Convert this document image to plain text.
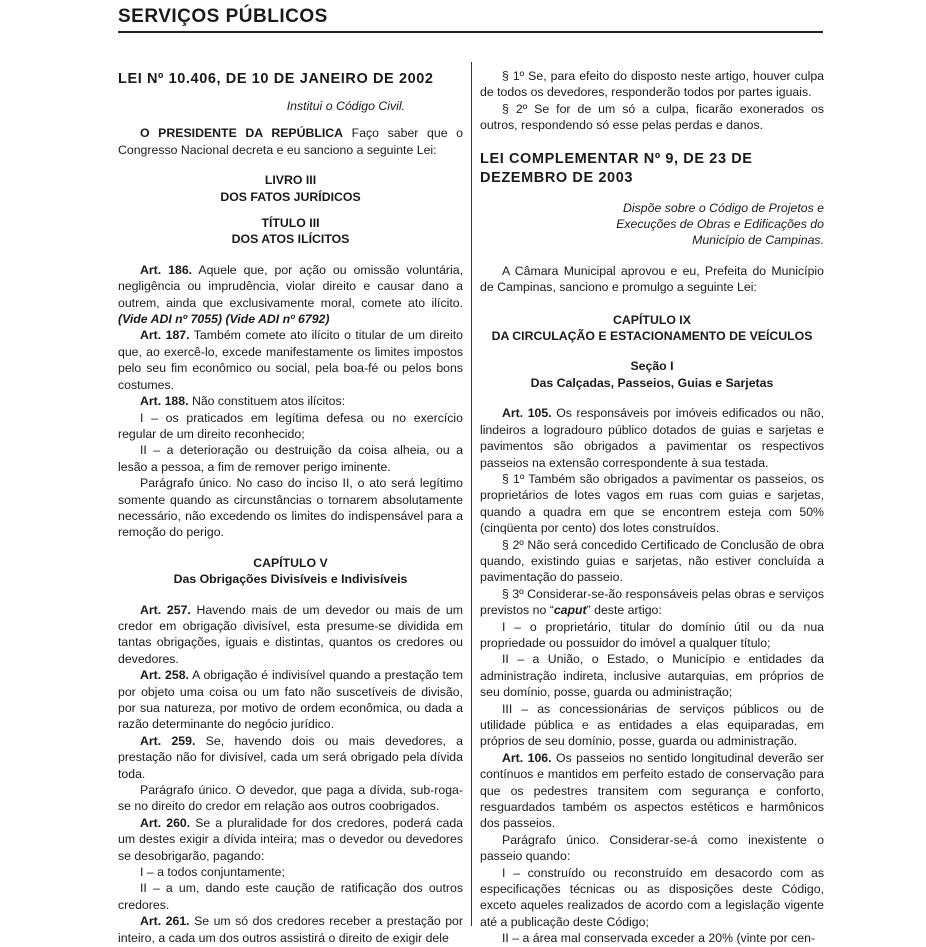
SERVIÇOS PÚBLICOS

LEI Nº 10.406, DE 10 DE JANEIRO DE 2002

Institui o Código Civil.

O PRESIDENTE DA REPÚBLICA Faço saber que o Congresso Nacional decreta e eu sanciono a seguinte Lei:

LIVRO III

DOS FATOS JURÍDICOS

TÍTULO III

DOS ATOS ILÍCITOS

Art. 186. Aquele que, por ação ou omissão voluntária, negligência ou imprudência, violar direito e causar dano a outrem, ainda que exclusivamente moral, comete ato ilícito. (Vide ADI nº 7055) (Vide ADI nº 6792)

Art. 187. Também comete ato ilícito o titular de um direito que, ao exercê-lo, excede manifestamente os limites impostos pelo seu fim econômico ou social, pela boa-fé ou pelos bons costumes.

Art. 188. Não constituem atos ilícitos:

I – os praticados em legítima defesa ou no exercício regular de um direito reconhecido;

II – a deterioração ou destruição da coisa alheia, ou a lesão a pessoa, a fim de remover perigo iminente.

Parágrafo único. No caso do inciso II, o ato será legítimo somente quando as circunstâncias o tornarem absolutamente necessário, não excedendo os limites do indispensável para a remoção do perigo.

CAPÍTULO V

Das Obrigações Divisíveis e Indivisíveis

Art. 257. Havendo mais de um devedor ou mais de um credor em obrigação divisível, esta presume-se dividida em tantas obrigações, iguais e distintas, quantos os credores ou devedores.

Art. 258. A obrigação é indivisível quando a prestação tem por objeto uma coisa ou um fato não suscetíveis de divisão, por sua natureza, por motivo de ordem econômica, ou dada a razão determinante do negócio jurídico.

Art. 259. Se, havendo dois ou mais devedores, a prestação não for divisível, cada um será obrigado pela dívida toda.

Parágrafo único. O devedor, que paga a dívida, sub-roga-se no direito do credor em relação aos outros coobrigados.

Art. 260. Se a pluralidade for dos credores, poderá cada um destes exigir a dívida inteira; mas o devedor ou devedores se desobrigarão, pagando:

I – a todos conjuntamente;

II – a um, dando este caução de ratificação dos outros credores.

Art. 261. Se um só dos credores receber a prestação por inteiro, a cada um dos outros assistirá o direito de exigir dele

§ 1º Se, para efeito do disposto neste artigo, houver culpa de todos os devedores, responderão todos por partes iguais.

§ 2º Se for de um só a culpa, ficarão exonerados os outros, respondendo só esse pelas perdas e danos.

LEI COMPLEMENTAR Nº 9, DE 23 DE DEZEMBRO DE 2003

Dispõe sobre o Código de Projetos e Execuções de Obras e Edificações do Município de Campinas.

A Câmara Municipal aprovou e eu, Prefeita do Município de Campinas, sanciono e promulgo a seguinte Lei:

CAPÍTULO IX

DA CIRCULAÇÃO E ESTACIONAMENTO DE VEÍCULOS

Seção I

Das Calçadas, Passeios, Guias e Sarjetas

Art. 105. Os responsáveis por imóveis edificados ou não, lindeiros a logradouro público dotados de guias e sarjetas e pavimentos são obrigados a pavimentar os respectivos passeios na extensão correspondente à sua testada.

§ 1º Também são obrigados a pavimentar os passeios, os proprietários de lotes vagos em ruas com guias e sarjetas, quando a quadra em que se encontrem esteja com 50% (cinqüenta por cento) dos lotes construídos.

§ 2º Não será concedido Certificado de Conclusão de obra quando, existindo guias e sarjetas, não estiver concluída a pavimentação do passeio.

§ 3º Considerar-se-ão responsáveis pelas obras e serviços previstos no “caput” deste artigo:

I – o proprietário, titular do domínio útil ou da nua propriedade ou possuidor do imóvel a qualquer título;

II – a União, o Estado, o Município e entidades da administração indireta, inclusive autarquias, em próprios de seu domínio, posse, guarda ou administração;

III – as concessionárias de serviços públicos ou de utilidade pública e as entidades a elas equiparadas, em próprios de seu domínio, posse, guarda ou administração.

Art. 106. Os passeios no sentido longitudinal deverão ser contínuos e mantidos em perfeito estado de conservação para que os pedestres transitem com segurança e conforto, resguardados também os aspectos estéticos e harmônicos dos passeios.

Parágrafo único. Considerar-se-á como inexistente o passeio quando:

I – construído ou reconstruído em desacordo com as especificações técnicas ou as disposições deste Código, exceto aqueles realizados de acordo com a legislação vigente até a publicação deste Código;

II – a área mal conservada exceder a 20% (vinte por cen-
